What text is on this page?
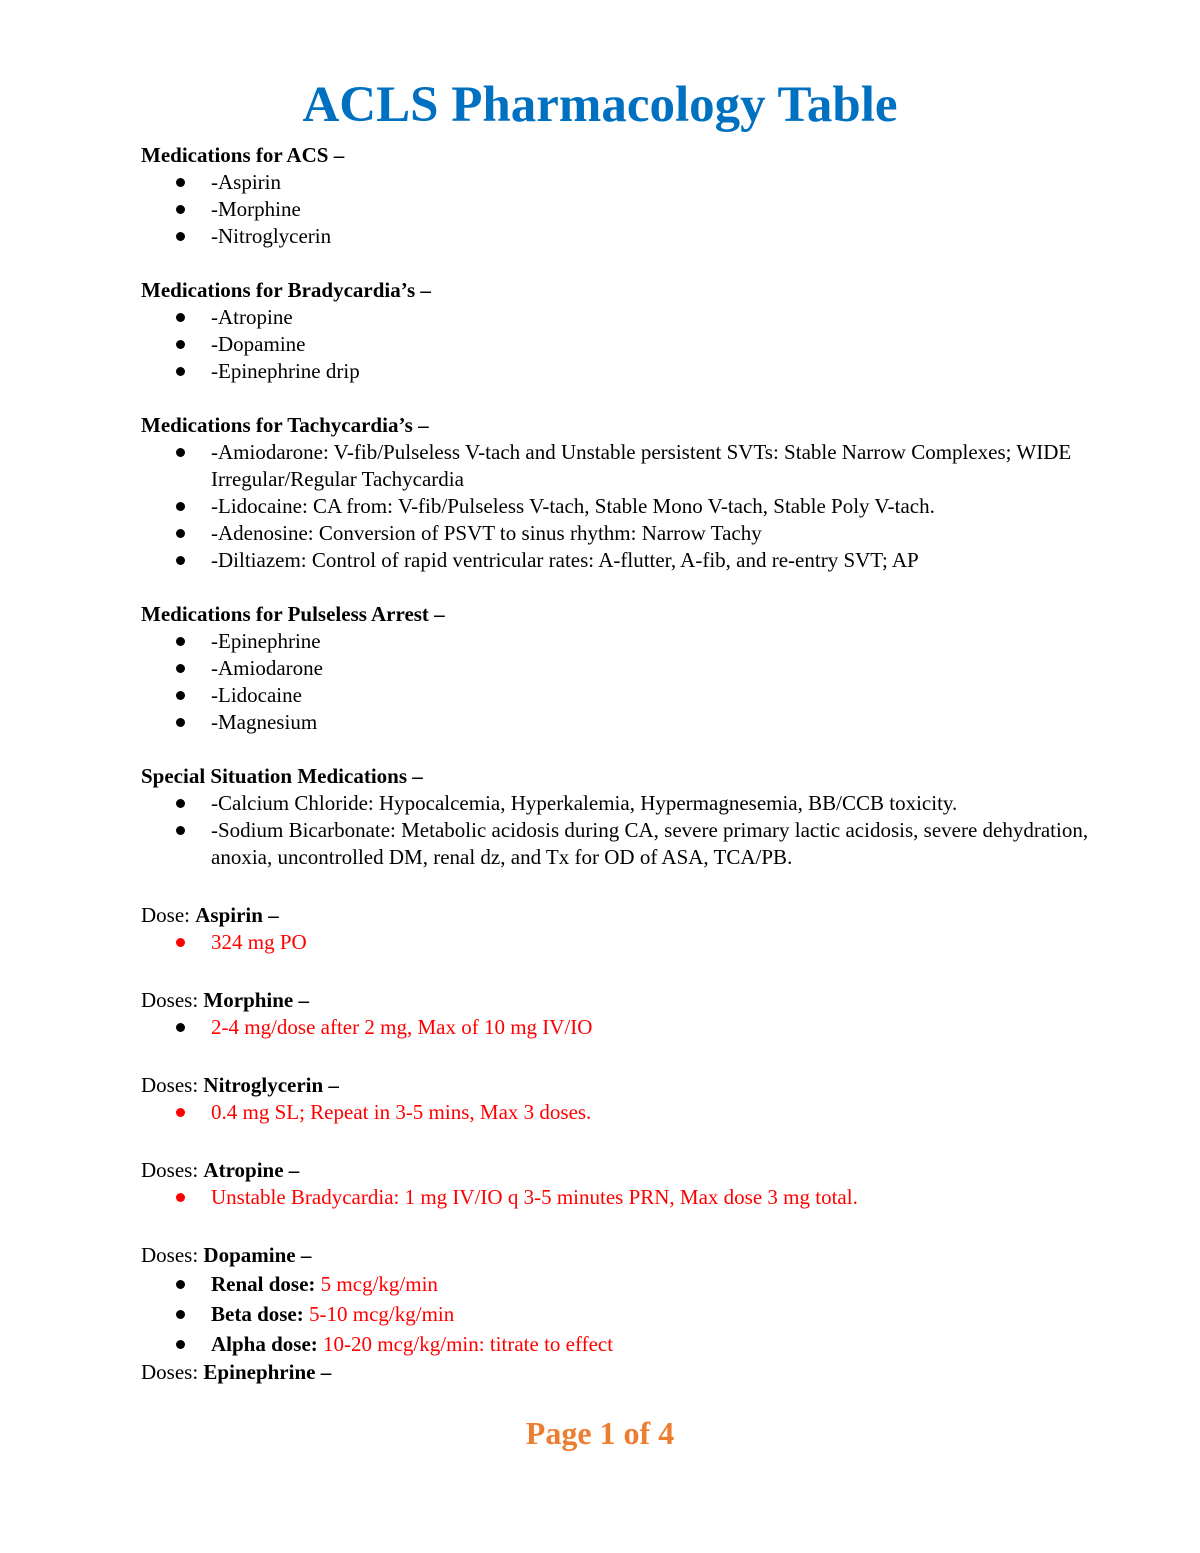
ACLS Pharmacology Table

Medications for ACS –

-Aspirin
-Morphine
-Nitroglycerin

Medications for Bradycardia’s –

-Atropine
-Dopamine
-Epinephrine drip

Medications for Tachycardia’s –

-Amiodarone: V-fib/Pulseless V-tach and Unstable persistent SVTs: Stable Narrow Complexes; WIDE Irregular/Regular Tachycardia
-Lidocaine: CA from: V-fib/Pulseless V-tach, Stable Mono V-tach, Stable Poly V-tach.
-Adenosine: Conversion of PSVT to sinus rhythm: Narrow Tachy
-Diltiazem: Control of rapid ventricular rates: A-flutter, A-fib, and re-entry SVT; AP

Medications for Pulseless Arrest –

-Epinephrine
-Amiodarone
-Lidocaine
-Magnesium

Special Situation Medications –

-Calcium Chloride: Hypocalcemia, Hyperkalemia, Hypermagnesemia, BB/CCB toxicity.
-Sodium Bicarbonate: Metabolic acidosis during CA, severe primary lactic acidosis, severe dehydration, anoxia, uncontrolled DM, renal dz, and Tx for OD of ASA, TCA/PB.

Dose: Aspirin –

324 mg PO

Doses: Morphine –

2-4 mg/dose after 2 mg, Max of 10 mg IV/IO

Doses: Nitroglycerin –

0.4 mg SL; Repeat in 3-5 mins, Max 3 doses.

Doses: Atropine –

Unstable Bradycardia: 1 mg IV/IO q 3-5 minutes PRN, Max dose 3 mg total.

Doses: Dopamine –

Renal dose: 5 mcg/kg/min
Beta dose: 5-10 mcg/kg/min
Alpha dose: 10-20 mcg/kg/min: titrate to effect

Doses: Epinephrine –

Page 1 of 4
